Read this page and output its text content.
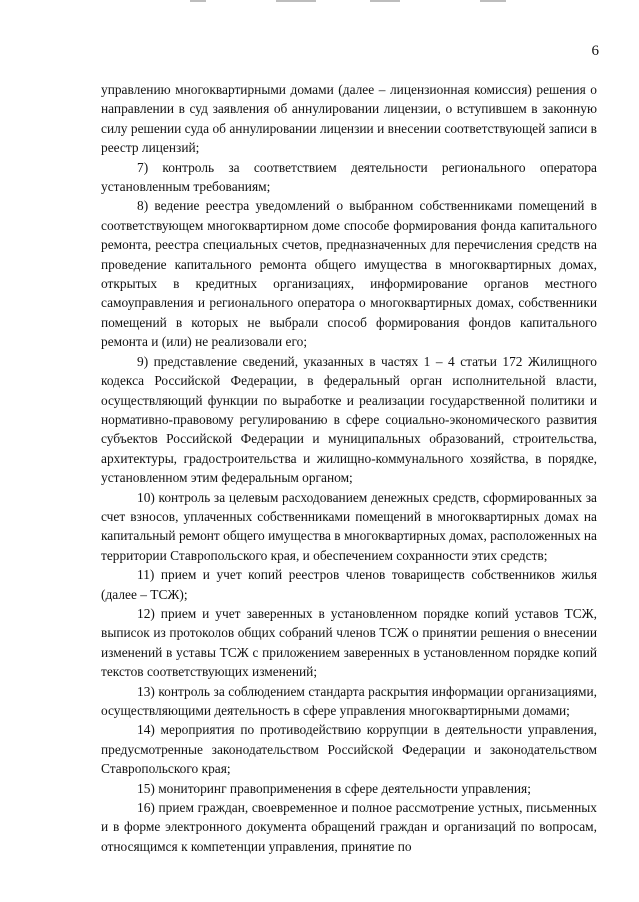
6

управлению многоквартирными домами (далее – лицензионная комиссия) решения о направлении в суд заявления об аннулировании лицензии, о вступившем в законную силу решении суда об аннулировании лицензии и внесении соответствующей записи в реестр лицензий;

7) контроль за соответствием деятельности регионального оператора установленным требованиям;

8) ведение реестра уведомлений о выбранном собственниками помещений в соответствующем многоквартирном доме способе формирования фонда капитального ремонта, реестра специальных счетов, предназначенных для перечисления средств на проведение капитального ремонта общего имущества в многоквартирных домах, открытых в кредитных организациях, информирование органов местного самоуправления и регионального оператора о многоквартирных домах, собственники помещений в которых не выбрали способ формирования фондов капитального ремонта и (или) не реализовали его;

9) представление сведений, указанных в частях 1 – 4 статьи 172 Жилищного кодекса Российской Федерации, в федеральный орган исполнительной власти, осуществляющий функции по выработке и реализации государственной политики и нормативно-правовому регулированию в сфере социально-экономического развития субъектов Российской Федерации и муниципальных образований, строительства, архитектуры, градостроительства и жилищно-коммунального хозяйства, в порядке, установленном этим федеральным органом;

10) контроль за целевым расходованием денежных средств, сформированных за счет взносов, уплаченных собственниками помещений в многоквартирных домах на капитальный ремонт общего имущества в многоквартирных домах, расположенных на территории Ставропольского края, и обеспечением сохранности этих средств;

11) прием и учет копий реестров членов товариществ собственников жилья (далее – ТСЖ);

12) прием и учет заверенных в установленном порядке копий уставов ТСЖ, выписок из протоколов общих собраний членов ТСЖ о принятии решения о внесении изменений в уставы ТСЖ с приложением заверенных в установленном порядке копий текстов соответствующих изменений;

13) контроль за соблюдением стандарта раскрытия информации организациями, осуществляющими деятельность в сфере управления многоквартирными домами;

14) мероприятия по противодействию коррупции в деятельности управления, предусмотренные законодательством Российской Федерации и законодательством Ставропольского края;

15) мониторинг правоприменения в сфере деятельности управления;

16) прием граждан, своевременное и полное рассмотрение устных, письменных и в форме электронного документа обращений граждан и организаций по вопросам, относящимся к компетенции управления, принятие по
